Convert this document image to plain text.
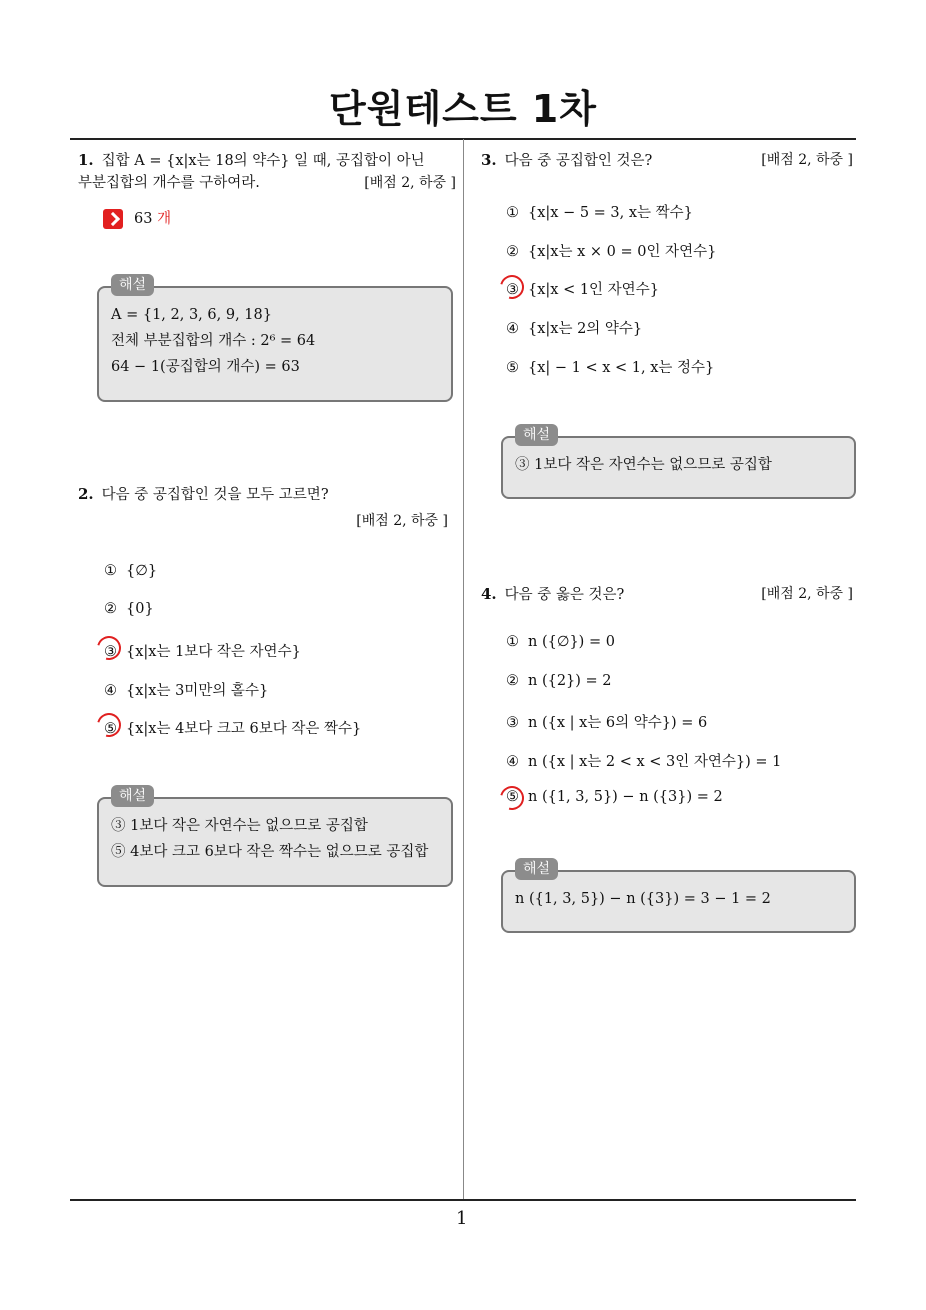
단원테스트 1차
1
1. 집합 A = {x|x는 18의 약수} 일 때, 공집합이 아닌
부분집합의 개수를 구하여라.	[배점 2, 하중 ]
63 개
해설
A = {1, 2, 3, 6, 9, 18}
전체 부분집합의 개수 : 2⁶ = 64
64 − 1(공집합의 개수) = 63
2. 다음 중 공집합인 것을 모두 고르면?
[배점 2, 하중 ]
① {∅}
② {0}
③ {x|x는 1보다 작은 자연수}
④ {x|x는 3미만의 홀수}
⑤ {x|x는 4보다 크고 6보다 작은 짝수}
해설
③ 1보다 작은 자연수는 없으므로 공집합
⑤ 4보다 크고 6보다 작은 짝수는 없으므로 공집합
3. 다음 중 공집합인 것은?	[배점 2, 하중 ]
① {x|x − 5 = 3, x는 짝수}
② {x|x는 x × 0 = 0인 자연수}
③ {x|x < 1인 자연수}
④ {x|x는 2의 약수}
⑤ {x| − 1 < x < 1, x는 정수}
해설
③ 1보다 작은 자연수는 없으므로 공집합
4. 다음 중 옳은 것은?	[배점 2, 하중 ]
① n ({∅}) = 0
② n ({2}) = 2
③ n ({x | x는 6의 약수}) = 6
④ n ({x | x는 2 < x < 3인 자연수}) = 1
⑤ n ({1, 3, 5}) − n ({3}) = 2
해설
n ({1, 3, 5}) − n ({3}) = 3 − 1 = 2
